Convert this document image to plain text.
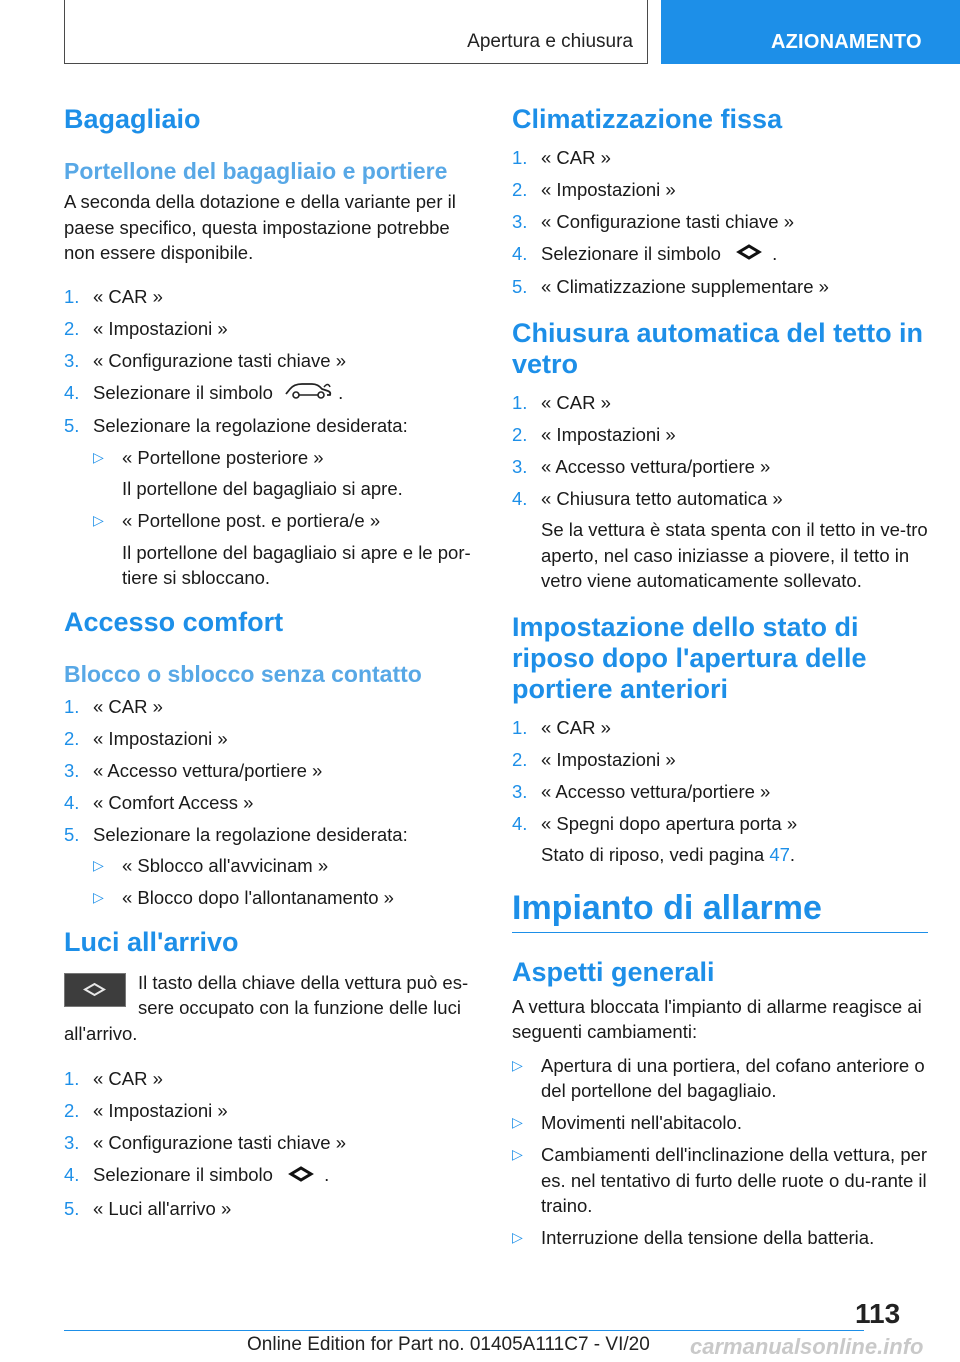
Apertura e chiusura	AZIONAMENTO
Bagagliaio
Portellone del bagagliaio e portiere

A seconda della dotazione e della variante per il paese specifico, questa impostazione potrebbe non essere disponibile.

1. « CAR »
2. « Impostazioni »
3. « Configurazione tasti chiave »
4. Selezionare il simbolo	.
5. Selezionare la regolazione desiderata:
▷ « Portellone posteriore »
Il portellone del bagagliaio si apre.
▷ « Portellone post. e portiera/e »
Il portellone del bagagliaio si apre e le por-tiere si sbloccano.
Accesso comfort
Blocco o sblocco senza contatto
1. « CAR »
2. « Impostazioni »
3. « Accesso vettura/portiere »
4. « Comfort Access »
5. Selezionare la regolazione desiderata:
▷ « Sblocco all'avvicinam »
▷ « Blocco dopo l'allontanamento »
Luci all'arrivo

Il tasto della chiave della vettura può es-sere occupato con la funzione delle luci all'arrivo.

1. « CAR »
2. « Impostazioni »
3. « Configurazione tasti chiave »
4. Selezionare il simbolo	.
5. « Luci all'arrivo »
Climatizzazione fissa
1. « CAR »
2. « Impostazioni »
3. « Configurazione tasti chiave »
4. Selezionare il simbolo	.
5. « Climatizzazione supplementare »
Chiusura automatica del tetto in vetro
1. « CAR »
2. « Impostazioni »
3. « Accesso vettura/portiere »
4. « Chiusura tetto automatica »
Se la vettura è stata spenta con il tetto in ve-tro aperto, nel caso iniziasse a piovere, il tetto in vetro viene automaticamente sollevato.
Impostazione dello stato di riposo dopo l'apertura delle portiere anteriori
1. « CAR »
2. « Impostazioni »
3. « Accesso vettura/portiere »
4. « Spegni dopo apertura porta »
Stato di riposo, vedi pagina 47.
Impianto di allarme
Aspetti generali

A vettura bloccata l'impianto di allarme reagisce ai seguenti cambiamenti:

▷ Apertura di una portiera, del cofano anteriore o del portellone del bagagliaio.
▷ Movimenti nell'abitacolo.
▷ Cambiamenti dell'inclinazione della vettura, per es. nel tentativo di furto delle ruote o du-rante il traino.
▷ Interruzione della tensione della batteria.
113
Online Edition for Part no. 01405A111C7 - VI/20 carmanualsonline.info
